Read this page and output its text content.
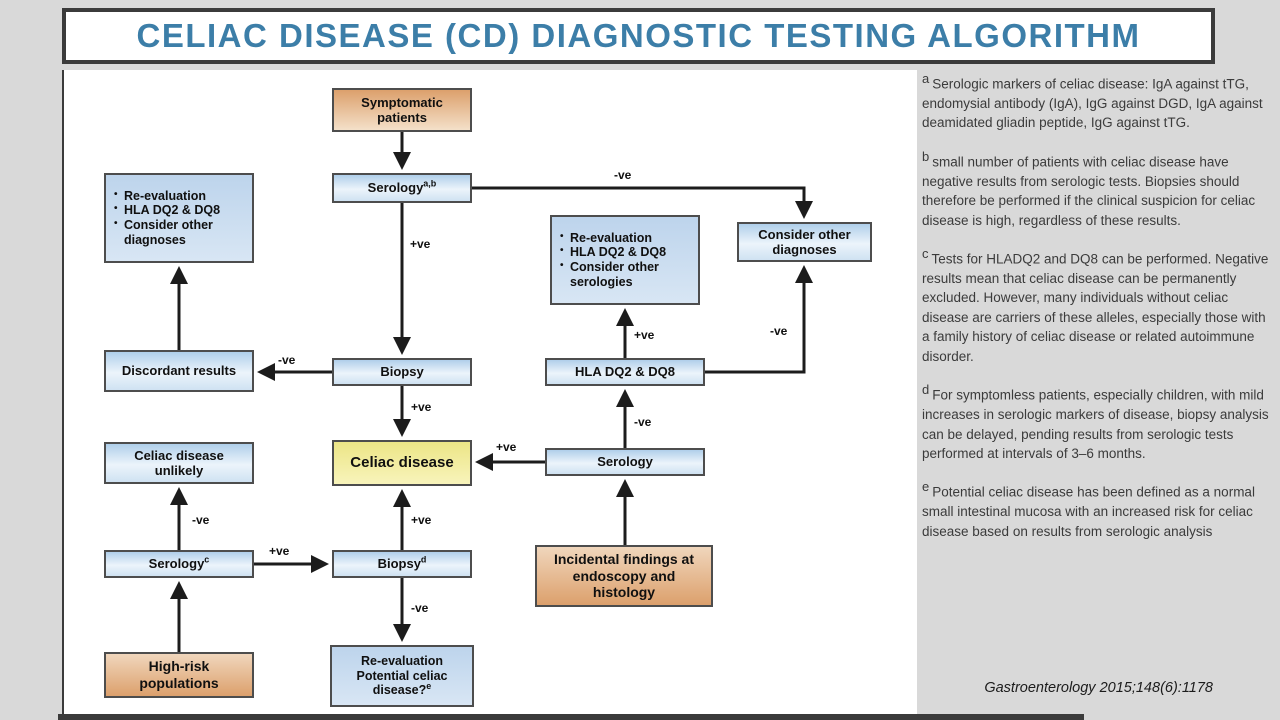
CELIAC DISEASE (CD) DIAGNOSTIC TESTING ALGORITHM
Symptomatic patients
Serology$^{a,b}$
• Re-evaluation
• HLA DQ2 & DQ8
• Consider other diagnoses
Discordant results
Celiac disease unlikely
Serology$^c$
High-risk populations
Biopsy
Celiac disease
Biopsy$^d$
Re-evaluation
Potential celiac disease?$^e$
• Re-evaluation
• HLA DQ2 & DQ8
• Consider other serologies
HLA DQ2 & DQ8
Serology
Incidental findings at endoscopy and histology
Consider other diagnoses
+ve
-ve
-ve
+ve
-ve
+ve
+ve
-ve
+ve
-ve
+ve
-ve

$^a$ Serologic markers of celiac disease: IgA against tTG, endomysial antibody (IgA), IgG against DGD, IgA against deamidated gliadin peptide, IgG against tTG.

$^b$ small number of patients with celiac disease have negative results from serologic tests. Biopsies should therefore be performed if the clinical suspicion for celiac disease is high, regardless of these results.

$^c$ Tests for HLADQ2 and DQ8 can be performed. Negative results mean that celiac disease can be permanently excluded. However, many individuals without celiac disease are carriers of these alleles, especially those with a family history of celiac disease or related autoimmune disorder.

$^d$ For symptomless patients, especially children, with mild increases in serologic markers of disease, biopsy analysis can be delayed, pending results from serologic tests performed at intervals of 3–6 months.

$^e$ Potential celiac disease has been defined as a normal small intestinal mucosa with an increased risk for celiac disease based on results from serologic analysis

Gastroenterology 2015;148(6):1178
